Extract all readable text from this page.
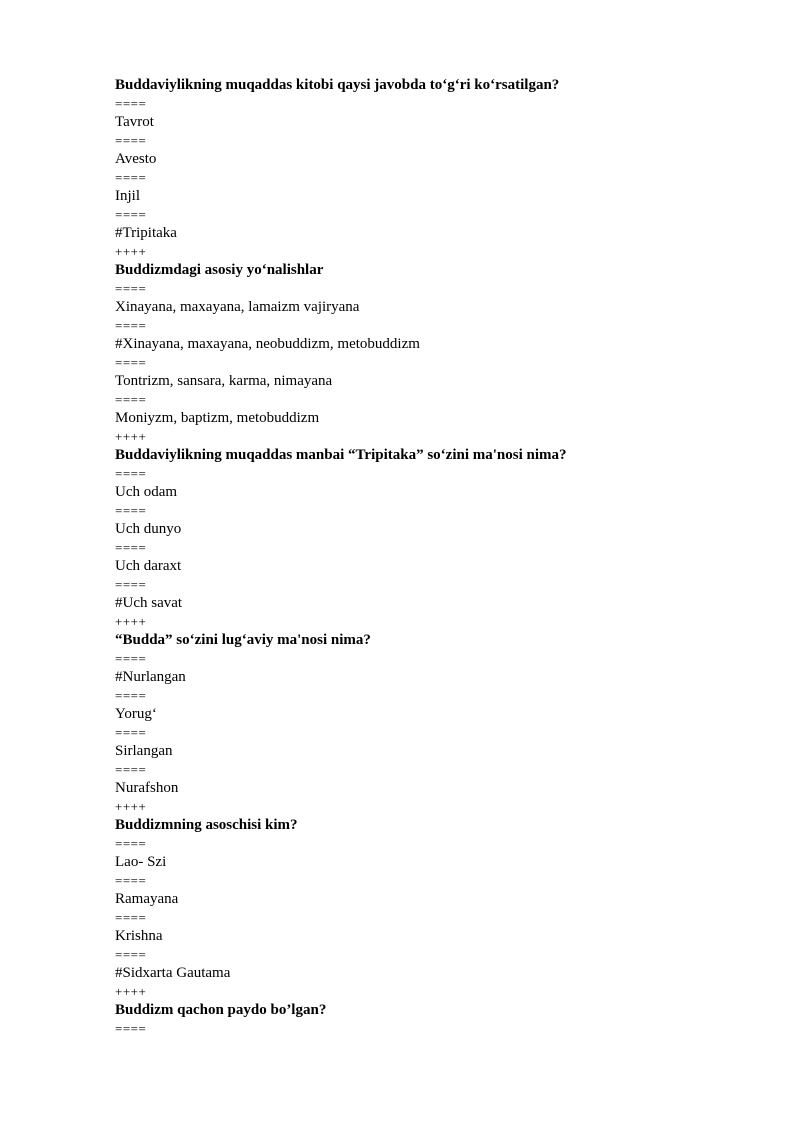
Buddaviylikning muqaddas kitobi qaysi javobda to‘g‘ri ko‘rsatilgan?
====
Tavrot
====
Avesto
====
Injil
====
#Tripitaka
++++
Buddizmdagi asosiy yo‘nalishlar
====
Xinayana, maxayana, lamaizm vajiryana
====
#Xinayana, maxayana, neobuddizm, metobuddizm
====
Tontrizm, sansara, karma, nimayana
====
Moniyzm, baptizm, metobuddizm
++++
Buddaviylikning muqaddas manbai “Tripitaka” so‘zini ma'nosi nima?
====
Uch odam
====
Uch dunyo
====
Uch daraxt
====
#Uch savat
++++
“Budda” so‘zini lug‘aviy ma'nosi nima?
====
#Nurlangan
====
Yorug‘
====
Sirlangan
====
Nurafshon
++++
Buddizmning asoschisi kim?
====
Lao- Szi
====
Ramayana
====
Krishna
====
#Sidxarta Gautama
++++
Buddizm qachon paydo bo’lgan?
====
